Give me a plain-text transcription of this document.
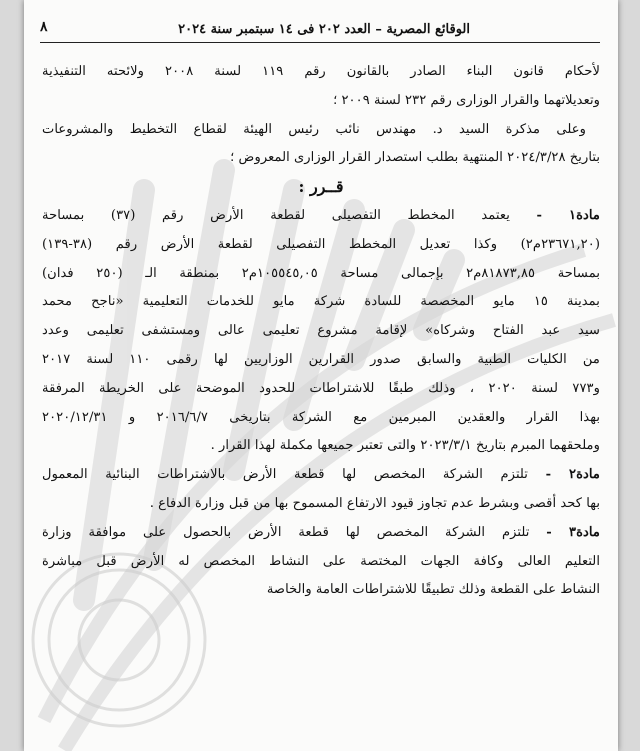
الوقائع المصرية – العدد ٢٠٢ فى ١٤ سبتمبر سنة ٢٠٢٤
٨
لأحكام قانون البناء الصادر بالقانون رقم ١١٩ لسنة ٢٠٠٨ ولائحته التنفيذية
وتعديلاتهما والقرار الوزارى رقم ٢٣٢ لسنة ٢٠٠٩ ؛
وعلى مذكرة السيد د. مهندس نائب رئيس الهيئة لقطاع التخطيط والمشروعات
بتاريخ ٢٠٢٤/٣/٢٨ المنتهية بطلب استصدار القرار الوزارى المعروض ؛
قــرر :
مادة١ - يعتمد المخطط التفصيلى لقطعة الأرض رقم (٣٧) بمساحة
(٢٣٦٧١,٢٠م٢) وكذا تعديل المخطط التفصيلى لقطعة الأرض رقم (٣٨-١٣٩)
بمساحة ٨١٨٧٣,٨٥م٢ بإجمالى مساحة ١٠٥٥٤٥,٠٥م٢ بمنطقة الـ (٢٥٠ فدان)
بمدينة ١٥ مايو المخصصة للسادة شركة مايو للخدمات التعليمية «ناجح محمد
سيد عبد الفتاح وشركاه» لإقامة مشروع تعليمى عالى ومستشفى تعليمى وعدد
من الكليات الطبية والسابق صدور القرارين الوزاريين لها رقمى ١١٠ لسنة ٢٠١٧
و٧٧٣ لسنة ٢٠٢٠ ، وذلك طبقًا للاشتراطات للحدود الموضحة على الخريطة المرفقة
بهذا القرار والعقدين المبرمين مع الشركة بتاريخى ٢٠١٦/٦/٧ و ٢٠٢٠/١٢/٣١
وملحقهما المبرم بتاريخ ٢٠٢٣/٣/١ والتى تعتبر جميعها مكملة لهذا القرار .
مادة٢ - تلتزم الشركة المخصص لها قطعة الأرض بالاشتراطات البنائية المعمول
بها كحد أقصى وبشرط عدم تجاوز قيود الارتفاع المسموح بها من قبل وزارة الدفاع .
مادة٣ - تلتزم الشركة المخصص لها قطعة الأرض بالحصول على موافقة وزارة
التعليم العالى وكافة الجهات المختصة على النشاط المخصص له الأرض قبل مباشرة
النشاط على القطعة وذلك تطبيقًا للاشتراطات العامة والخاصة
